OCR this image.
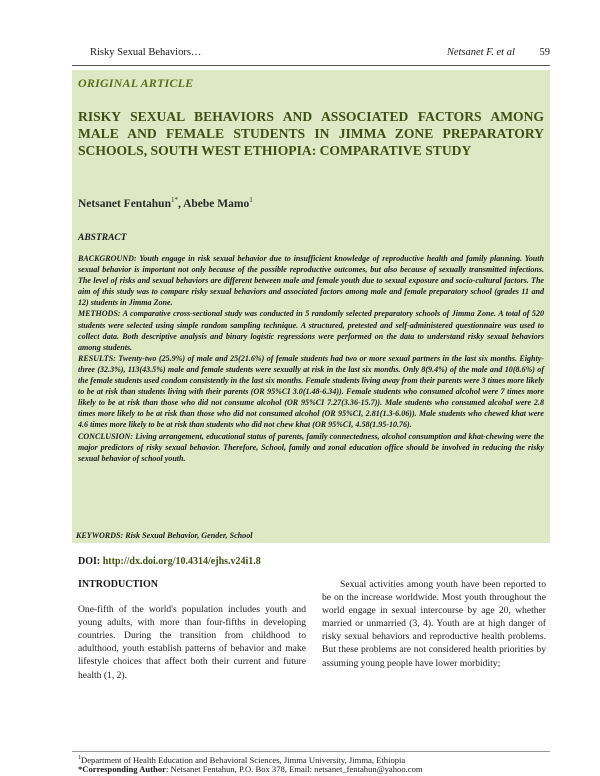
Risky Sexual Behaviors…	Netsanet F. et al 59
ORIGINAL ARTICLE
RISKY SEXUAL BEHAVIORS AND ASSOCIATED FACTORS AMONG MALE AND FEMALE STUDENTS IN JIMMA ZONE PREPARATORY SCHOOLS, SOUTH WEST ETHIOPIA: COMPARATIVE STUDY
Netsanet Fentahun$^{1*}$, Abebe Mamo$^1$
ABSTRACT

BACKGROUND: Youth engage in risk sexual behavior due to insufficient knowledge of reproductive health and family planning. Youth sexual behavior is important not only because of the possible reproductive outcomes, but also because of sexually transmitted infections. The level of risks and sexual behaviors are different between male and female youth due to sexual exposure and socio-cultural factors. The aim of this study was to compare risky sexual behaviors and associated factors among male and female preparatory school (grades 11 and 12) students in Jimma Zone.

METHODS: A comparative cross-sectional study was conducted in 5 randomly selected preparatory schools of Jimma Zone. A total of 520 students were selected using simple random sampling technique. A structured, pretested and self-administered questionnaire was used to collect data. Both descriptive analysis and binary logistic regressions were performed on the data to understand risky sexual behaviors among students.

RESULTS: Twenty-two (25.9%) of male and 25(21.6%) of female students had two or more sexual partners in the last six months. Eighty-three (32.3%), 113(43.5%) male and female students were sexually at risk in the last six months. Only 8(9.4%) of the male and 10(8.6%) of the female students used condom consistently in the last six months. Female students living away from their parents were 3 times more likely to be at risk than students living with their parents (OR 95%CI 3.0(1.48-6.34)). Female students who consumed alcohol were 7 times more likely to be at risk than those who did not consume alcohol (OR 95%CI 7.27(3.36-15.7)). Male students who consumed alcohol were 2.8 times more likely to be at risk than those who did not consumed alcohol (OR 95%CI, 2.81(1.3-6.06)). Male students who chewed khat were 4.6 times more likely to be at risk than students who did not chew khat (OR 95%CI, 4.58(1.95-10.76).

CONCLUSION: Living arrangement, educational status of parents, family connectedness, alcohol consumption and khat-chewing were the major predictors of risky sexual behavior. Therefore, School, family and zonal education office should be involved in reducing the risky sexual behavior of school youth.

KEYWORDS: Risk Sexual Behavior, Gender, School
DOI: http://dx.doi.org/10.4314/ejhs.v24i1.8
INTRODUCTION

One-fifth of the world's population includes youth and young adults, with more than four-fifths in developing countries. During the transition from childhood to adulthood, youth establish patterns of behavior and make lifestyle choices that affect both their current and future health (1, 2).

Sexual activities among youth have been reported to be on the increase worldwide. Most youth throughout the world engage in sexual intercourse by age 20, whether married or unmarried (3, 4). Youth are at high danger of risky sexual behaviors and reproductive health problems. But these problems are not considered health priorities by assuming young people have lower morbidity;

$^1$Department of Health Education and Behavioral Sciences, Jimma University, Jimma, Ethiopia
*Corresponding Author: Netsanet Fentahun, P.O. Box 378, Email: netsanet_fentahun@yahoo.com
